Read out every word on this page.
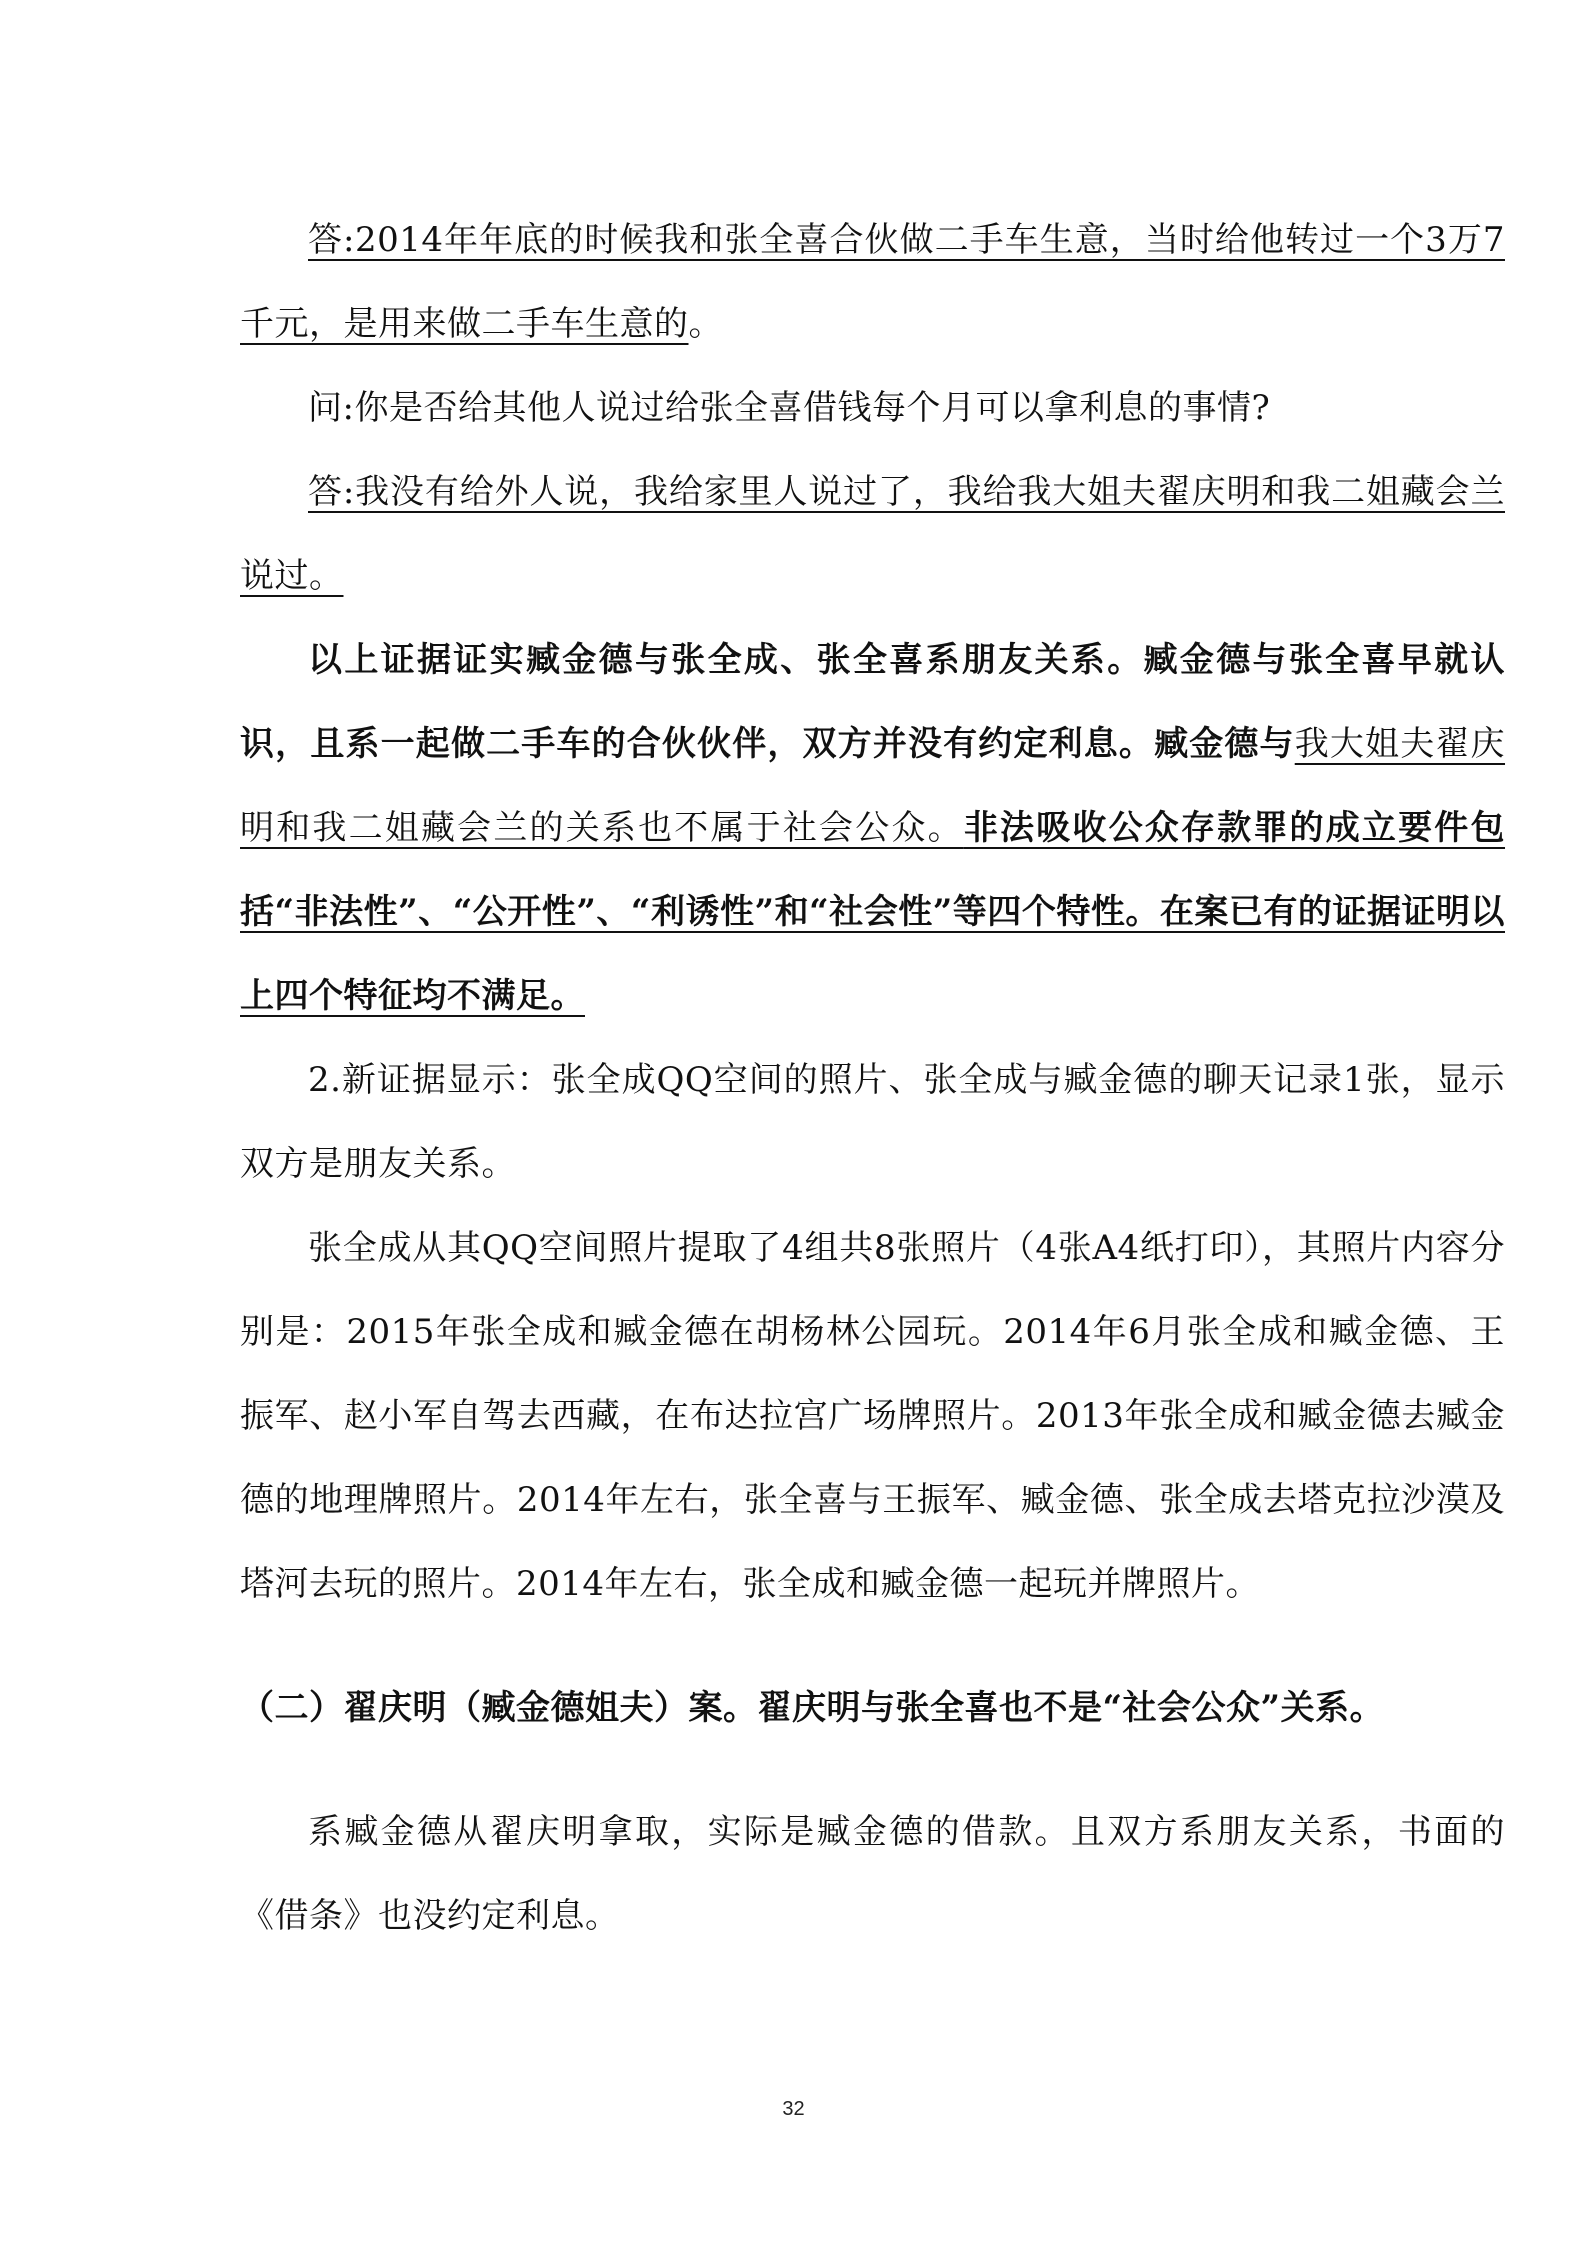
答:2014年年底的时候我和张全喜合伙做二手车生意，当时给他转过一个3万7千元，是用来做二手车生意的。

问:你是否给其他人说过给张全喜借钱每个月可以拿利息的事情?

答:我没有给外人说，我给家里人说过了，我给我大姐夫翟庆明和我二姐藏会兰说过。

以上证据证实臧金德与张全成、张全喜系朋友关系。臧金德与张全喜早就认识，且系一起做二手车的合伙伙伴，双方并没有约定利息。臧金德与我大姐夫翟庆明和我二姐藏会兰的关系也不属于社会公众。非法吸收公众存款罪的成立要件包括“非法性”、“公开性”、“利诱性”和“社会性”等四个特性。在案已有的证据证明以上四个特征均不满足。

2.新证据显示：张全成QQ空间的照片、张全成与臧金德的聊天记录1张，显示双方是朋友关系。

张全成从其QQ空间照片提取了4组共8张照片（4张A4纸打印），其照片内容分别是：2015年张全成和臧金德在胡杨林公园玩。2014年6月张全成和臧金德、王振军、赵小军自驾去西藏，在布达拉宫广场牌照片。2013年张全成和臧金德去臧金德的地理牌照片。2014年左右，张全喜与王振军、臧金德、张全成去塔克拉沙漠及塔河去玩的照片。2014年左右，张全成和臧金德一起玩并牌照片。

（二）翟庆明（臧金德姐夫）案。翟庆明与张全喜也不是“社会公众”关系。

系臧金德从翟庆明拿取，实际是臧金德的借款。且双方系朋友关系，书面的《借条》也没约定利息。

32
